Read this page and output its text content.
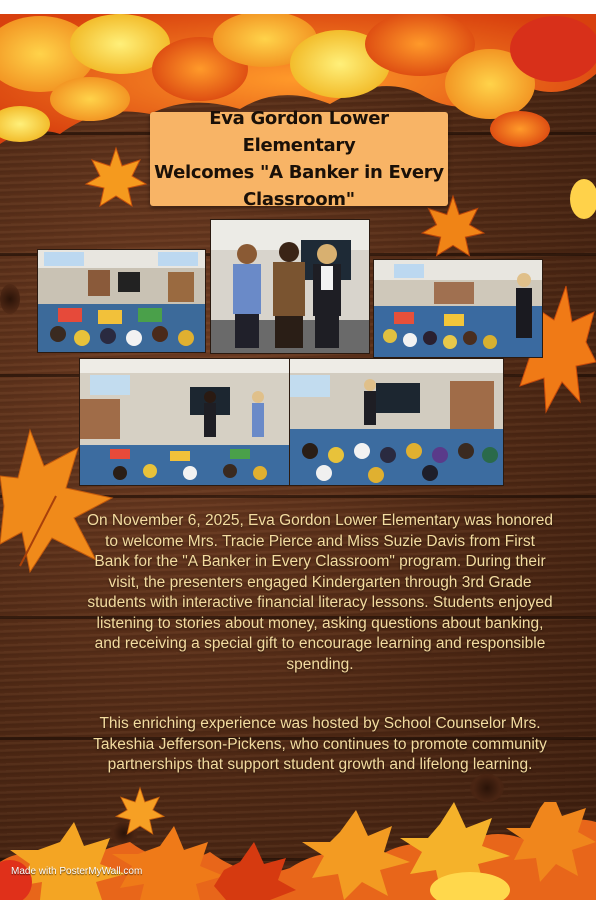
Eva Gordon Lower Elementary
Welcomes "A Banker in Every
Classroom"

On November 6, 2025, Eva Gordon Lower Elementary was honored to welcome Mrs. Tracie Pierce and Miss Suzie Davis from First Bank for the "A Banker in Every Classroom" program. During their visit, the presenters engaged Kindergarten through 3rd Grade students with interactive financial literacy lessons. Students enjoyed listening to stories about money, asking questions about banking, and receiving a special gift to encourage learning and responsible spending.

This enriching experience was hosted by School Counselor Mrs. Takeshia Jefferson-Pickens, who continues to promote community partnerships that support student growth and lifelong learning.

Made with PosterMyWall.com
